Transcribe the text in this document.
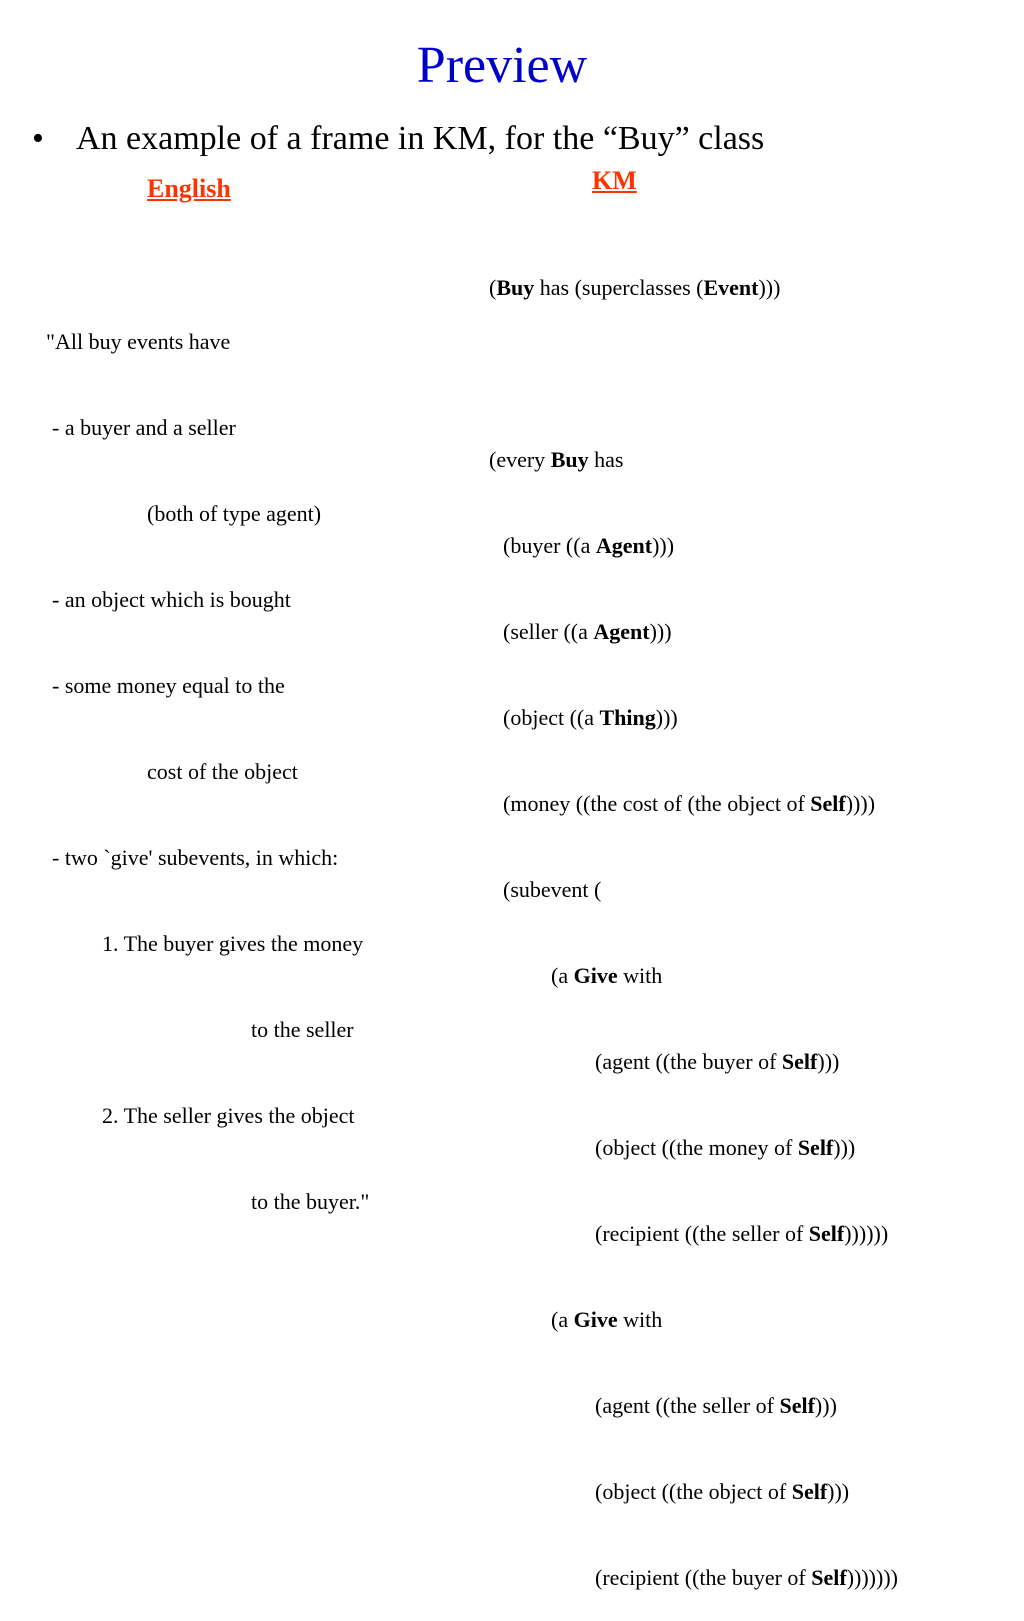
Preview
• An example of a frame in KM, for the “Buy” class
English	KM

"All buy events have

- a buyer and a seller

(both of type agent)

- an object which is bought

- some money equal to the

cost of the object

- two `give' subevents, in which:

1. The buyer gives the money

to the seller

2. The seller gives the object

to the buyer."

(Buy has (superclasses (Event)))

(every Buy has

(buyer ((a Agent)))

(seller ((a Agent)))

(object ((a Thing)))

(money ((the cost of (the object of Self))))

(subevent (

(a Give with

(agent ((the buyer of Self)))

(object ((the money of Self)))

(recipient ((the seller of Self))))))

(a Give with

(agent ((the seller of Self)))

(object ((the object of Self)))

(recipient ((the buyer of Self)))))))
